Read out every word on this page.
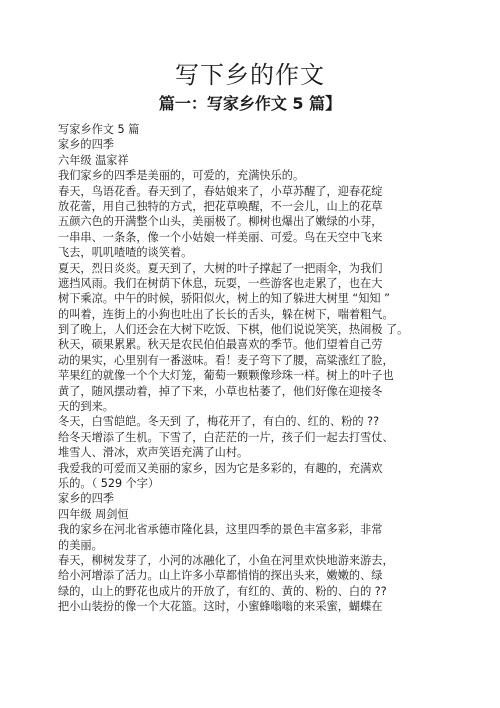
写下乡的作文
篇一：写家乡作文 5 篇】
写家乡作文 5 篇
家乡的四季
六年级 温家祥
我们家乡的四季是美丽的，可爱的，充满快乐的。
春天，鸟语花香。春天到了，春姑娘来了，小草苏醒了，迎春花绽
放花蕾，用自己独特的方式，把花草唤醒，不一会儿，山上的花草
五颜六色的开满整个山头，美丽极了。柳树也爆出了嫩绿的小芽，
一串串、一条条，像一个小姑娘一样美丽、可爱。鸟在天空中飞来
飞去，叽叽喳喳的谈笑着。
夏天，烈日炎炎。夏天到了，大树的叶子撑起了一把雨伞，为我们
遮挡风雨。我们在树荫下休息，玩耍，一些游客也走累了，也在大
树下乘凉。中午的时候，骄阳似火，树上的知了躲进大树里 “知知 ”
的叫着，连街上的小狗也吐出了长长的舌头，躲在树下，喘着粗气。
到了晚上，人们还会在大树下吃饭、下棋，他们说说笑笑，热闹极 了。
秋天，硕果累累。秋天是农民伯伯最喜欢的季节。他们望着自己劳
动的果实，心里别有一番滋味。看！麦子弯下了腰，高粱涨红了脸，
苹果红的就像一个个大灯笼，葡萄一颗颗像珍珠一样。树上的叶子也
黄了，随风摆动着，掉了下来，小草也枯萎了，他们好像在迎接冬
天的到来。
冬天，白雪皑皑。冬天到 了，梅花开了，有白的、红的、粉的 ??
给冬天增添了生机。下雪了，白茫茫的一片，孩子们一起去打雪仗、
堆雪人、滑冰，欢声笑语充满了山村。
我爱我的可爱而又美丽的家乡，因为它是多彩的，有趣的，充满欢
乐的。（ 529 个字）
家乡的四季
四年级 周剑恒
我的家乡在河北省承德市隆化县，这里四季的景色丰富多彩，非常
的美丽。
春天，柳树发芽了，小河的冰融化了，小鱼在河里欢快地游来游去，
给小河增添了活力。山上许多小草都悄悄的探出头来，嫩嫩的、绿
绿的，山上的野花也成片的开放了，有红的、黄的、粉的、白的 ??
把小山装扮的像一个大花篮。这时，小蜜蜂嗡嗡的来采蜜，蝴蝶在
